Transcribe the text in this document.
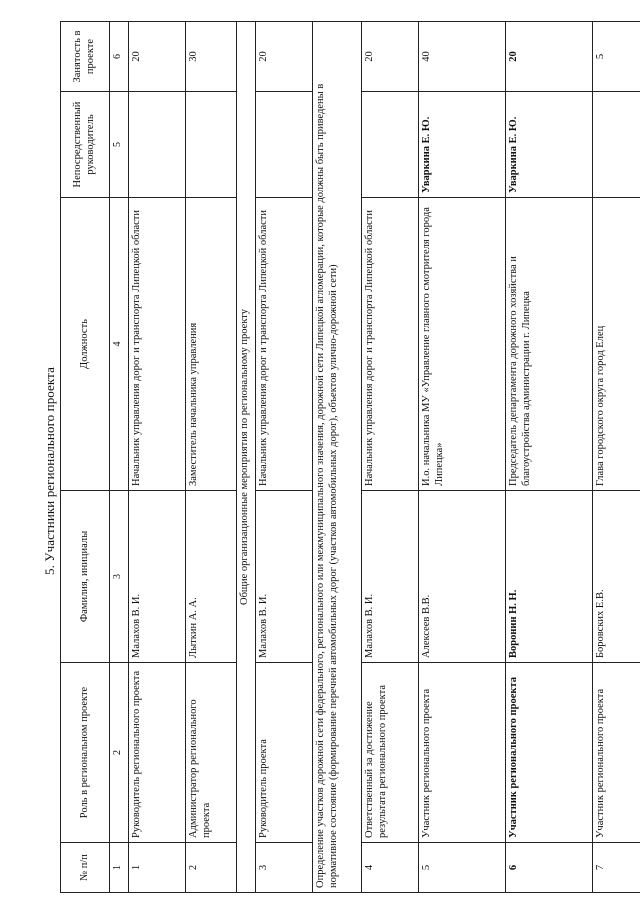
5. Участники регионального проекта
№ п/п	Роль в региональном проекте	Фамилия, инициалы	Должность	Непосредственный руководитель	Занятость в проекте
1	2	3	4	5	6
1	Руководитель регионального проекта	Малахов В. И.	Начальник управления дорог и транспорта Липецкой области		20
2	Администратор регионального проекта	Лыткин А. А.	Заместитель начальника управления		30
Общие организационные мероприятия по региональному проекту					
3	Руководитель проекта	Малахов В. И.	Начальник управления дорог и транспорта Липецкой области		20
Определение участков дорожной сети федерального, регионального или межмуниципального значения, дорожной сети Липецкой агломерации, которые должны быть приведены в нормативное состояние (формирование перечней автомобильных дорог (участков автомобильных дорог), объектов улично-дорожной сети)					
4	Ответственный за достижение результата регионального проекта	Малахов В. И.	Начальник управления дорог и транспорта Липецкой области		20
5	Участник регионального проекта	Алексеев В.В.	И.о. начальника МУ «Управление главного смотрителя города Липецка»	Уваркина Е. Ю.	40
6	Участник регионального проекта	Воронин Н. Н.	Председатель департамента дорожного хозяйства и благоустройства администрации г. Липецка	Уваркина Е. Ю.	20
7	Участник регионального проекта	Боровских Е.В.	Глава городского округа город Елец		5
